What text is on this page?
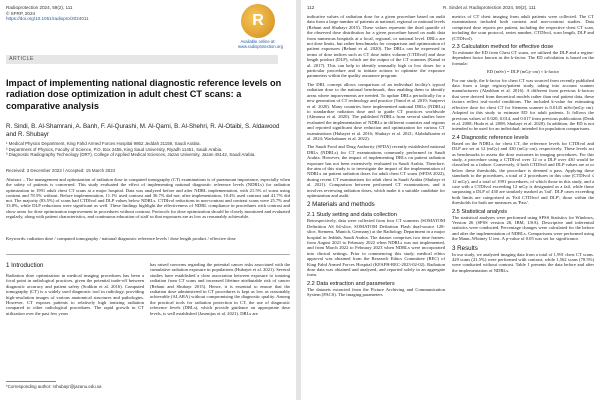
Radioprotection 2024, 59(2), 111
© SFRP, 2024
https://doi.org/10.1051/radiopro/2024011	R
Available online at: www.radioprotection.org
ARTICLE
Impact of implementing national diagnostic reference levels on radiation dose optimization in adult chest CT scans: a comparative analysis
R. Sindi, B. Al-Shamrani, A. Banh, F. Al-Qurashi, M. Al-Qarni, B. Al-Shehri, R. Al-Otaibi, S. Aldawood and R. Shubayr
¹ Medical Physics Department, King Fahd Armed Forces Hospital 9862 Jeddah 21159, Saudi Arabia.
² Department of Physics, Faculty of Science, P.O. Box 2455, King Saud University, Riyadh 11451, Saudi Arabia.
³ Diagnostic Radiography Technology (DRT), College of Applied Medical Sciences, Jazan University, Jazan 45142, Saudi Arabia.
Received: 3 December 2023 / Accepted: 15 March 2024
Abstract – The management and optimization of radiation dose in computed tomography (CT) examinations is of paramount importance, especially when the safety of patients is concerned. This study evaluated the effect of implementing national diagnostic reference levels (NDRLs) for radiation optimization in 1991 adult chest CT scans at a major hospital. Data was analyzed before and after NDRL implementation, with 21.5% of scans using contrast and 78.5% without. Before implementation, 11.1% used contrast and 36.7% did not; after implementation, 10.4% used contrast and 41.7% did not. The majority (83.5%) of scans had CTDIvol and DLP values below NDRLs. CTDIvol reductions in non-contrast and contrast scans were 25.7% and 33.8%, while DLP reductions were significant as well. These findings highlight the effectiveness of NDRL compliance in procedures with contrast and show areas for dose optimization improvement in procedures without contrast. Protocols for dose optimization should be closely monitored and evaluated regularly, along with patient characteristics, and continuous education of staff so that exposures are as low as reasonably achievable.
Keywords: radiation dose / computed tomography / national diagnostic reference levels / dose length product / effective dose
1 Introduction
Radiation dose optimization in medical imaging procedures has been a focal point in radiological practices, given the potential trade-off between diagnostic accuracy and patient safety (Sodikin et al. 2016). Computed tomography (CT) is a widely used diagnostic tool in radiology, providing high-resolution images of various anatomical structures and pathologies. However, CT exposes patients to relatively high ionizing radiation compared to other radiological procedures. The rapid growth in CT utilization over the past few years
has raised concerns regarding the potential cancer risks associated with the cumulative radiation exposure in populations (Hubayet et al. 2021). Several studies have established a clear association between exposure to ionizing radiation from CT scans and increased lifetime attributable risk of cancer (Rehani and Shubayr 2015). Hence, it is essential to ensure that the radiation dose administered in CT procedures is kept as low as reasonably achievable (ALARA) without compromising the diagnostic quality. Among the practical tools for radiation protection in CT, the use of diagnostic reference levels (DRLs), which provide guidance on appropriate dose levels, is well established (Jasenijus et al. 2021). DRLs are
*Corresponding author: rshubayr@jazanu.edu.sa
112	R. Sindet al. Radioprotection 2024, 59(2), 111
indicative values of radiation dose for a given procedure based on audit data from a large number of patients at national, regional or national levels (Rehani and Shubayr 2015). These values represent the third quartile of the observed dose distribution for a given procedure based on audit data from numerous hospitals at a local, regional, or national level. DRLs are not dose limits, but rather benchmarks for comparison and optimization of patient exposures (Rehani et al. 2020). The DRLs can be expressed in terms of dose indices such as CT dose index volume (CTDIvol) and dose length product (DLP), which are the output of the CT scanners (Kanal et al. 2017). This can help to identify unusually high or low doses for a particular procedure and to initiate actions to optimize the exposure parameters within the quality assurance program.
The DRL concept allows comparison of an individual facility's typical radiation dose to the national benchmark, thus enabling them to identify areas where improvements are needed. To update DRLs periodically for a new generation of CT technology and practice (Vanol et al. 2019; Sanjeevi et al. 2020). Many countries have implemented national DRLs (NDRLs) to standardize radiation dose and to guide CT practices worldwide (Almousa et al. 2020). The published NDRLs from several studies have evaluated the implementation of NDRLs in different countries and regions and reported significant dose reduction and optimization for various CT examinations (Hubayet et al. 2016; Shubayr et al. 2021; Alabdulkarim et al. 2024; Wachabauer et al. 2022).
The Saudi Food and Drug Authority (SFDA) recently established national DRLs (NDRLs) for CT examinations commonly performed in Saudi Arabia. However, the impact of implementing DRLs on patient radiation exposure has not been extensively evaluated in Saudi Arabia. Therefore, the aim of this study is to investigate the impact of the implementation of NDRLs on patient radiation doses for adult chest CT scans (SFDA 2022), during recent CT examinations for adult chest in Saudi Arabia (Shubayr et al. 2021). Comparison between performed CT examinations, and it involves reviewing radiation doses, which make it a suitable candidate for optimization and audit.
2 Materials and methods
2.1 Study setting and data collection
Retrospectively, data were collected from four CT scanners (SOMATOM Definition AS 64-slice, SOMATOM Definition Flash dual-source 128-slice, Siemens, Munich, Germany) at the Radiology Department in a major hospital in Jeddah, Saudi Arabia. The dataset comprises two time frames: from August 2021 to February 2022 when NDRLs was not implemented, and from March 2022 to February 2023 when NDRLs were incorporated into clinical settings. Prior to commencing this study, medical ethics approval was obtained from the Research Ethics Committee (REC) of King Fahd Armed Forces Hospital (KFAFH-REC-2023-02-02). Radiation dose data was obtained and analyzed, and reported solely in an aggregate form.
2.2 Data extraction and parameters
The datasets extracted from the Picture Archiving and Communication System (PACS). The imaging parameters
metrics of CT chest imaging from adult patients were collected. The CT examinations included both contrast and non-contrast studies. Data comprised dose reports per patient, including the respective chest CT scan, including the scan protocol, series number, CTDIvol, scan length, DLP and (CTDIvol).
2.3 Calculation method for effective dose
To estimate the ED from Chest CT scans, we utilized the DLP and a region-dependent factor known as the k-factor. The ED calculation is based on the formula:
ED (mSv) = DLP (mGy·cm) × k-factor
For our study, the k-factor for chest CT was sourced from recently published data from a large registry/patient study, taking into account scanner manufacturers (Alashban et al. 2016). A different from previous k-factors that were derived from theoretical models rather than real patient data, these factors reflect real-world conditions. The included k-value for estimating effective dose for chest CT for Siemens scanner is 0.0145 mSv/(mGy·cm). Adopted in this study to estimate ED for adult patients. It follows the previous values of 0.020, 0.014, and 0.017 from previous publications (Deak et al. 2008; Huda et al. 2008; Shubayr et al. 2020). In addition, the ED is not intended to be used for an individual; intended for population comparisons.
2.4 Diagnostic reference levels
Based on the NDRLs for chest CT, the reference levels for CTDIvol and DLP are set at 12 (mGy) and 430 (mGy·cm), respectively. These levels act as benchmarks to assess the dose outcomes in imaging procedures. For this study, a procedure using a CTDIvol over 12 or a DLP over 430 would be classified as a failure. Conversely, if both CTDIvol and DLP values are at or below these thresholds, the procedure is deemed a pass. Applying these standards to the procedures, a total of 2 procedures in this case (CTDIvol ≤ 12 mGy), and a total of 1991 procedures, of which those in this study, and a case with a CTDIvol exceeding 12 mGy is designated as a fail, while those surpassing a DLP of 430 are similarly marked as 'fail'. DLP cases exceeding both limits are categorized as 'Fail CTDIvol and DLP'; those within the thresholds for both are measures as 'Pass'.
2.5 Statistical analysis
The statistical analyses were performed using SPSS Statistics for Windows, Version 26 (SPSS version 26, IBM, USA). Descriptive and inferential statistics were conducted. Percentage changes were calculated for the before and after the implementation of NDRLs. Comparisons were performed using the Mann–Whitney U test. A p-value of 0.05 was set for significance.
3 Results
In our study, we analyzed imaging data from a total of 1,991 chest CT scans. 429 scans (21.5%) were performed with contrast, while 1,562 scans (78.5%) were conducted without contrast. Table 1 presents the data before and after the implementation of NDRLs.
